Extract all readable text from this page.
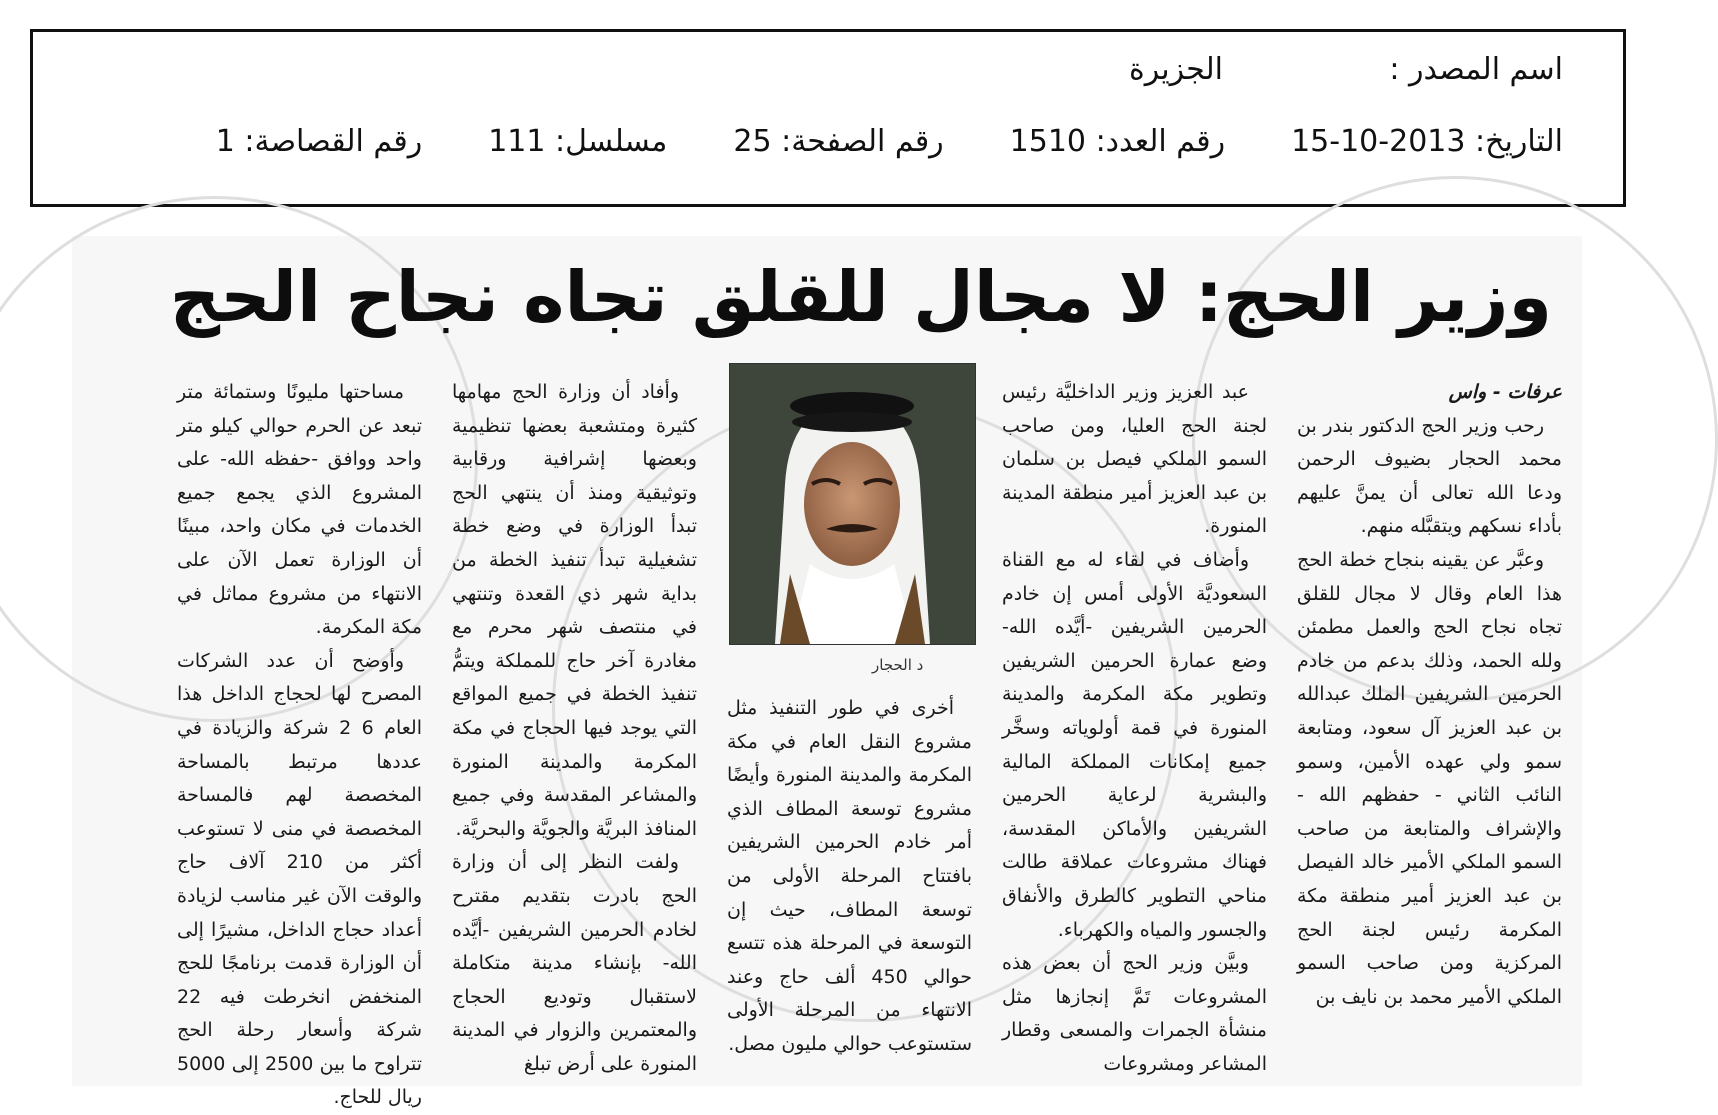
اسم المصدر :
الجزيرة
التاريخ: 2013-10-15
رقم العدد: 1510
رقم الصفحة: 25
مسلسل: 111
رقم القصاصة: 1
وزير الحج: لا مجال للقلق تجاه نجاح الحج

عرفات - واس

رحب وزير الحج الدكتور بندر بن محمد الحجار بضيوف الرحمن ودعا الله تعالى أن يمنَّ عليهم بأداء نسكهم ويتقبَّله منهم.

وعبَّر عن يقينه بنجاح خطة الحج هذا العام وقال لا مجال للقلق تجاه نجاح الحج والعمل مطمئن ولله الحمد، وذلك بدعم من خادم الحرمين الشريفين الملك عبدالله بن عبد العزيز آل سعود، ومتابعة سمو ولي عهده الأمين، وسمو النائب الثاني - حفظهم الله - والإشراف والمتابعة من صاحب السمو الملكي الأمير خالد الفيصل بن عبد العزيز أمير منطقة مكة المكرمة رئيس لجنة الحج المركزية ومن صاحب السمو الملكي الأمير محمد بن نايف بن

عبد العزيز وزير الداخليَّة رئيس لجنة الحج العليا، ومن صاحب السمو الملكي فيصل بن سلمان بن عبد العزيز أمير منطقة المدينة المنورة.

وأضاف في لقاء له مع القناة السعوديَّة الأولى أمس إن خادم الحرمين الشريفين -أيَّده الله- وضع عمارة الحرمين الشريفين وتطوير مكة المكرمة والمدينة المنورة في قمة أولوياته وسخَّر جميع إمكانات المملكة المالية والبشرية لرعاية الحرمين الشريفين والأماكن المقدسة، فهناك مشروعات عملاقة طالت مناحي التطوير كالطرق والأنفاق والجسور والمياه والكهرباء.

وبيَّن وزير الحج أن بعض هذه المشروعات تَمَّ إنجازها مثل منشأة الجمرات والمسعى وقطار المشاعر ومشروعات

د الحجار

أخرى في طور التنفيذ مثل مشروع النقل العام في مكة المكرمة والمدينة المنورة وأيضًا مشروع توسعة المطاف الذي أمر خادم الحرمين الشريفين بافتتاح المرحلة الأولى من توسعة المطاف، حيث إن التوسعة في المرحلة هذه تتسع حوالي 450 ألف حاج وعند الانتهاء من المرحلة الأولى ستستوعب حوالي مليون مصل.

وأفاد أن وزارة الحج مهامها كثيرة ومتشعبة بعضها تنظيمية وبعضها إشرافية ورقابية وتوثيقية ومنذ أن ينتهي الحج تبدأ الوزارة في وضع خطة تشغيلية تبدأ تنفيذ الخطة من بداية شهر ذي القعدة وتنتهي في منتصف شهر محرم مع مغادرة آخر حاج للمملكة ويتمُّ تنفيذ الخطة في جميع المواقع التي يوجد فيها الحجاج في مكة المكرمة والمدينة المنورة والمشاعر المقدسة وفي جميع المنافذ البريَّة والجويَّة والبحريَّة.

ولفت النظر إلى أن وزارة الحج بادرت بتقديم مقترح لخادم الحرمين الشريفين -أيَّده الله- بإنشاء مدينة متكاملة لاستقبال وتوديع الحجاج والمعتمرين والزوار في المدينة المنورة على أرض تبلغ

مساحتها مليونًا وستمائة متر تبعد عن الحرم حوالي كيلو متر واحد ووافق -حفظه الله- على المشروع الذي يجمع جميع الخدمات في مكان واحد، مبينًا أن الوزارة تعمل الآن على الانتهاء من مشروع مماثل في مكة المكرمة.

وأوضح أن عدد الشركات المصرح لها لحجاج الداخل هذا العام 6 2 شركة والزيادة في عددها مرتبط بالمساحة المخصصة لهم فالمساحة المخصصة في منى لا تستوعب أكثر من 210 آلاف حاج والوقت الآن غير مناسب لزيادة أعداد حجاج الداخل، مشيرًا إلى أن الوزارة قدمت برنامجًا للحج المنخفض انخرطت فيه 22 شركة وأسعار رحلة الحج تتراوح ما بين 2500 إلى 5000 ريال للحاج.
